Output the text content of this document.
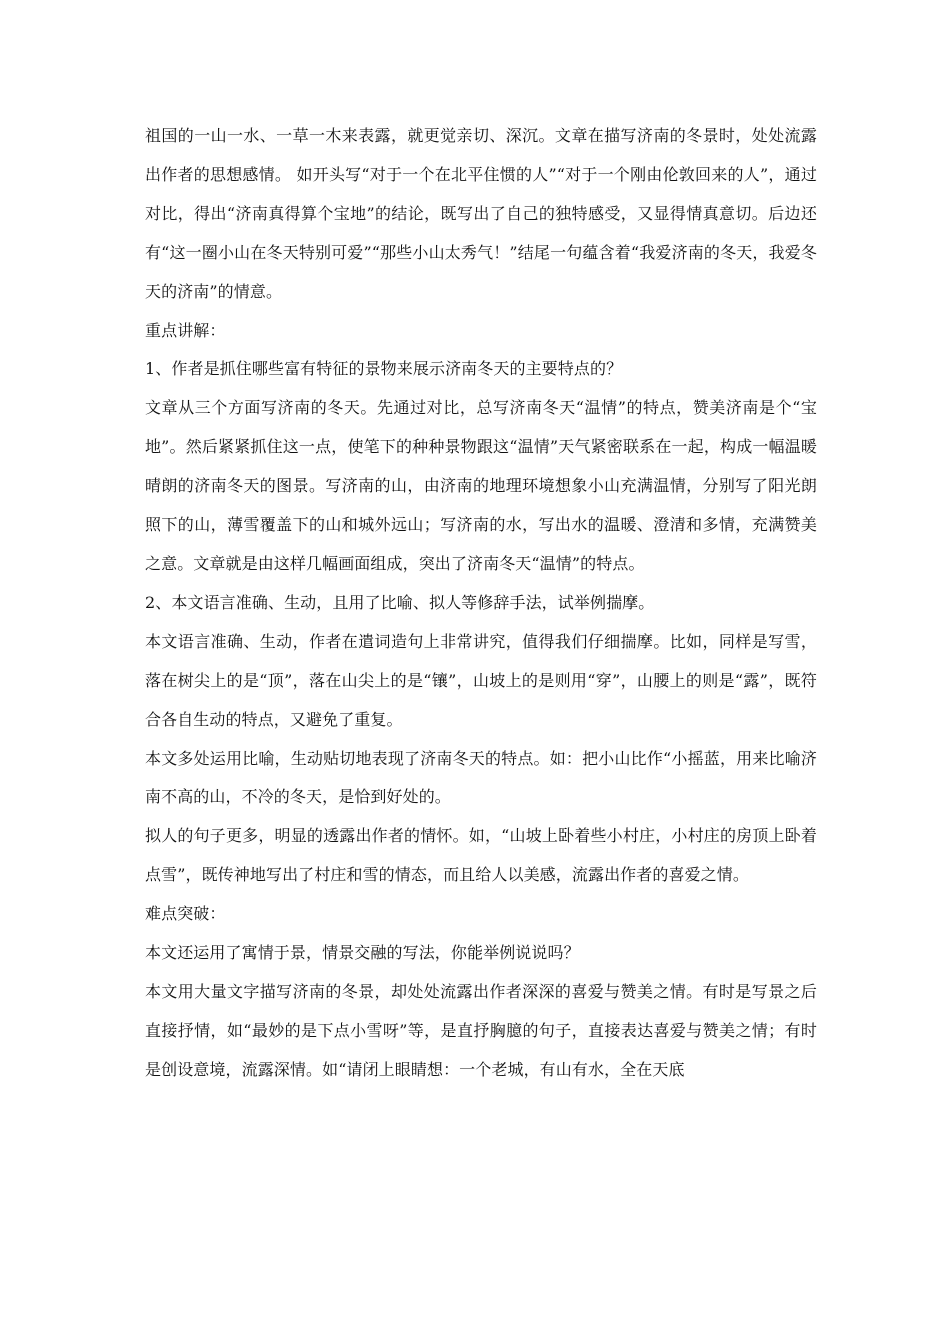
祖国的一山一水、一草一木来表露，就更觉亲切、深沉。文章在描写济南的冬景时，处处流露出作者的思想感情。 如开头写“对于一个在北平住惯的人”“对于一个刚由伦敦回来的人”，通过对比，得出“济南真得算个宝地”的结论，既写出了自己的独特感受，又显得情真意切。后边还有“这一圈小山在冬天特别可爱”“那些小山太秀气！”结尾一句蕴含着“我爱济南的冬天，我爱冬天的济南”的情意。

重点讲解：

1、作者是抓住哪些富有特征的景物来展示济南冬天的主要特点的？

文章从三个方面写济南的冬天。先通过对比，总写济南冬天“温情”的特点，赞美济南是个“宝地”。然后紧紧抓住这一点，使笔下的种种景物跟这“温情”天气紧密联系在一起，构成一幅温暖晴朗的济南冬天的图景。写济南的山，由济南的地理环境想象小山充满温情，分别写了阳光朗照下的山，薄雪覆盖下的山和城外远山；写济南的水，写出水的温暖、澄清和多情，充满赞美之意。文章就是由这样几幅画面组成，突出了济南冬天“温情”的特点。

2、本文语言准确、生动，且用了比喻、拟人等修辞手法，试举例揣摩。

本文语言准确、生动，作者在遣词造句上非常讲究，值得我们仔细揣摩。比如，同样是写雪，落在树尖上的是“顶”，落在山尖上的是“镶”，山坡上的是则用“穿”，山腰上的则是“露”，既符合各自生动的特点，又避免了重复。

本文多处运用比喻，生动贴切地表现了济南冬天的特点。如：把小山比作“小摇蓝，用来比喻济南不高的山，不冷的冬天，是恰到好处的。

拟人的句子更多，明显的透露出作者的情怀。如，“山坡上卧着些小村庄，小村庄的房顶上卧着点雪”，既传神地写出了村庄和雪的情态，而且给人以美感，流露出作者的喜爱之情。

难点突破：

本文还运用了寓情于景，情景交融的写法，你能举例说说吗？

本文用大量文字描写济南的冬景，却处处流露出作者深深的喜爱与赞美之情。有时是写景之后直接抒情，如“最妙的是下点小雪呀”等，是直抒胸臆的句子，直接表达喜爱与赞美之情；有时是创设意境，流露深情。如“请闭上眼睛想：一个老城，有山有水，全在天底
